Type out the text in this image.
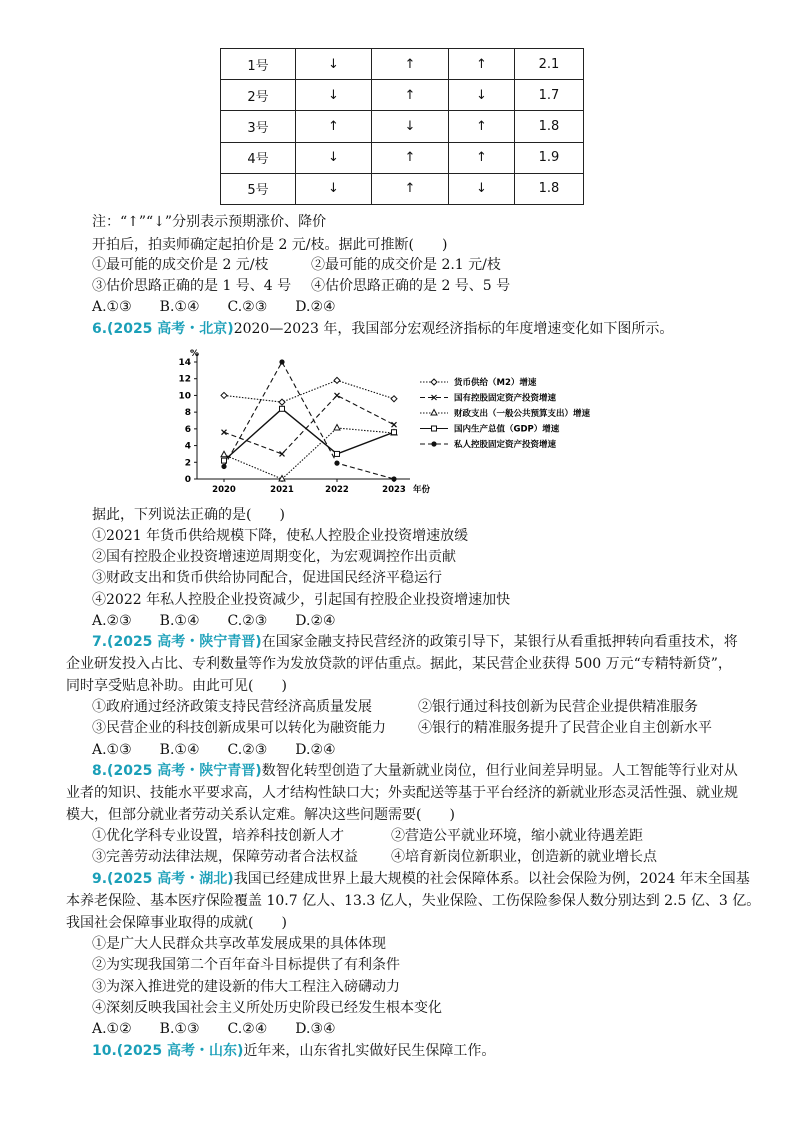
1号	↓	↑	↑	2.1
2号	↓	↑	↓	1.7
3号	↑	↓	↑	1.8
4号	↓	↑	↑	1.9
5号	↓	↑	↓	1.8
注：“↑”“↓”分别表示预期涨价、降价
开拍后，拍卖师确定起拍价是 2 元/枝。据此可推断(　　)
①最可能的成交价是 2 元/枝	②最可能的成交价是 2.1 元/枝
③估价思路正确的是 1 号、4 号 ④估价思路正确的是 2 号、5 号
A.①③　　B.①④　　C.②③　　D.②④
6.(2025 高考・北京)2020—2023 年，我国部分宏观经济指标的年度增速变化如下图所示。
%
0
2
4
6
8
10
12
14
2020	2021	2022	2023 年份
货币供给（M2）增速
国有控股固定资产投资增速
财政支出（一般公共预算支出）增速
国内生产总值（GDP）增速
私人控股固定资产投资增速
据此，下列说法正确的是(　　)
①2021 年货币供给规模下降，使私人控股企业投资增速放缓
②国有控股企业投资增速逆周期变化，为宏观调控作出贡献
③财政支出和货币供给协同配合，促进国民经济平稳运行
④2022 年私人控股企业投资减少，引起国有控股企业投资增速加快
A.②③　　B.①④　　C.②③　　D.②④
7.(2025 高考・陕宁青晋)在国家金融支持民营经济的政策引导下，某银行从看重抵押转向看重技术，将
企业研发投入占比、专利数量等作为发放贷款的评估重点。据此，某民营企业获得 500 万元“专精特新贷”，
同时享受贴息补助。由此可见(　　)
①政府通过经济政策支持民营经济高质量发展	②银行通过科技创新为民营企业提供精准服务
③民营企业的科技创新成果可以转化为融资能力 ④银行的精准服务提升了民营企业自主创新水平
A.①③　　B.①④　　C.②③　　D.②④
8.(2025 高考・陕宁青晋)数智化转型创造了大量新就业岗位，但行业间差异明显。人工智能等行业对从
业者的知识、技能水平要求高，人才结构性缺口大；外卖配送等基于平台经济的新就业形态灵活性强、就业规
模大，但部分就业者劳动关系认定难。解决这些问题需要(　　)
①优化学科专业设置，培养科技创新人才	②营造公平就业环境，缩小就业待遇差距
③完善劳动法律法规，保障劳动者合法权益 ④培育新岗位新职业，创造新的就业增长点
9.(2025 高考・湖北)我国已经建成世界上最大规模的社会保障体系。以社会保险为例，2024 年末全国基
本养老保险、基本医疗保险覆盖 10.7 亿人、13.3 亿人，失业保险、工伤保险参保人数分别达到 2.5 亿、3 亿。
我国社会保障事业取得的成就(　　)
①是广大人民群众共享改革发展成果的具体体现
②为实现我国第二个百年奋斗目标提供了有利条件
③为深入推进党的建设新的伟大工程注入磅礴动力
④深刻反映我国社会主义所处历史阶段已经发生根本变化
A.①②　　B.①③　　C.②④　　D.③④
10.(2025 高考・山东)近年来，山东省扎实做好民生保障工作。
